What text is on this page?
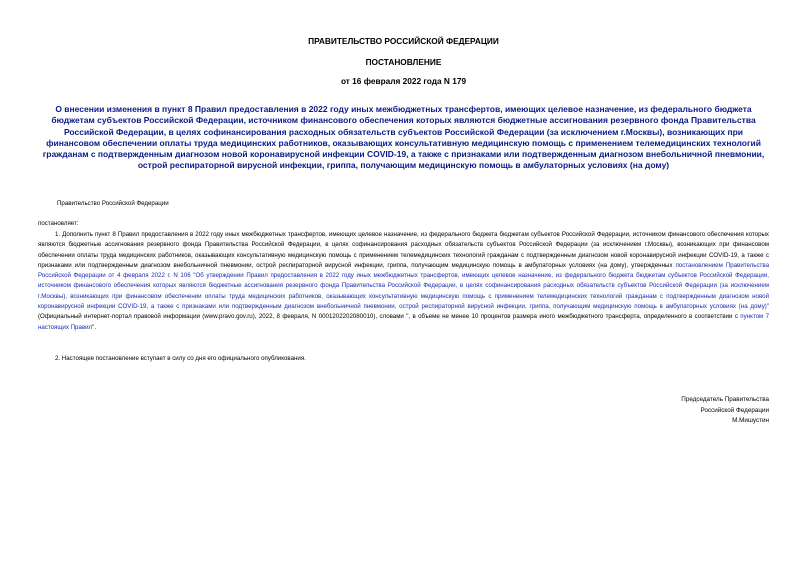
ПРАВИТЕЛЬСТВО РОССИЙСКОЙ ФЕДЕРАЦИИ
ПОСТАНОВЛЕНИЕ
от 16 февраля 2022 года N 179
О внесении изменения в пункт 8 Правил предоставления в 2022 году иных межбюджетных трансфертов, имеющих целевое назначение, из федерального бюджета бюджетам субъектов Российской Федерации, источником финансового обеспечения которых являются бюджетные ассигнования резервного фонда Правительства Российской Федерации, в целях софинансирования расходных обязательств субъектов Российской Федерации (за исключением г.Москвы), возникающих при финансовом обеспечении оплаты труда медицинских работников, оказывающих консультативную медицинскую помощь с применением телемедицинских технологий гражданам с подтвержденным диагнозом новой коронавирусной инфекции COVID-19, а также с признаками или подтвержденным диагнозом внебольничной пневмонии, острой респираторной вирусной инфекции, гриппа, получающим медицинскую помощь в амбулаторных условиях (на дому)
Правительство Российской Федерации
постановляет:
1. Дополнить пункт 8 Правил предоставления в 2022 году иных межбюджетных трансфертов, имеющих целевое назначение, из федерального бюджета бюджетам субъектов Российской Федерации, источником финансового обеспечения которых являются бюджетные ассигнования резервного фонда Правительства Российской Федерации, в целях софинансирования расходных обязательств субъектов Российской Федерации (за исключением г.Москвы), возникающих при финансовом обеспечении оплаты труда медицинских работников, оказывающих консультативную медицинскую помощь с применением телемедицинских технологий гражданам с подтвержденным диагнозом новой коронавирусной инфекции COVID-19, а также с признаками или подтвержденным диагнозом внебольничной пневмонии, острой респираторной вирусной инфекции, гриппа, получающим медицинскую помощь в амбулаторных условиях (на дому), утвержденных постановлением Правительства Российской Федерации от 4 февраля 2022 г. N 106 "Об утверждении Правил предоставления в 2022 году иных межбюджетных трансфертов, имеющих целевое назначение, из федерального бюджета бюджетам субъектов Российской Федерации, источником финансового обеспечения которых являются бюджетные ассигнования резервного фонда Правительства Российской Федерации, в целях софинансирования расходных обязательств субъектов Российской Федерации (за исключением г.Москвы), возникающих при финансовом обеспечении оплаты труда медицинских работников, оказывающих консультативную медицинскую помощь с применением телемедицинских технологий гражданам с подтвержденным диагнозом новой коронавирусной инфекции COVID-19, а также с признаками или подтвержденным диагнозом внебольничной пневмонии, острой респираторной вирусной инфекции, гриппа, получающим медицинскую помощь в амбулаторных условиях (на дому)" (Официальный интернет-портал правовой информации (www.pravo.gov.ru), 2022, 8 февраля, N 0001202202080010), словами ", в объеме не менее 10 процентов размера иного межбюджетного трансферта, определенного в соответствии с пунктом 7 настоящих Правил".
2. Настоящее постановление вступает в силу со дня его официального опубликования.
Председатель Правительства
Российской Федерации
М.Мишустин
